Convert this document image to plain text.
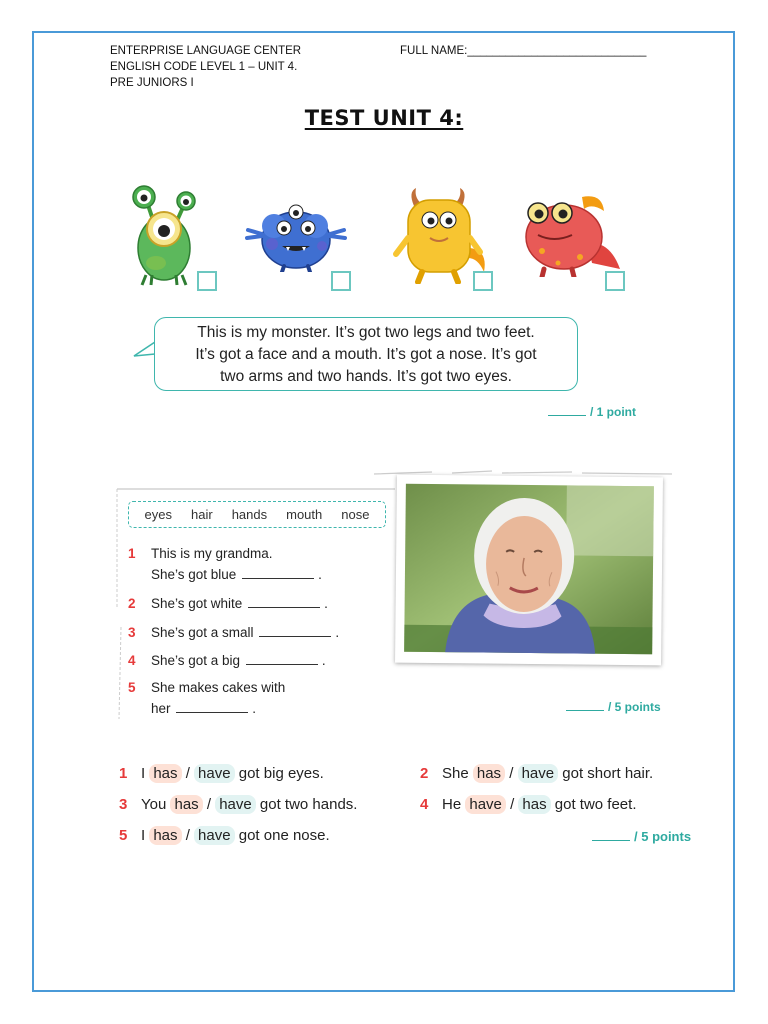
ENTERPRISE LANGUAGE CENTER
ENGLISH CODE LEVEL 1 – UNIT 4.
PRE JUNIORS I
FULL NAME:____________________________
TEST UNIT 4:
This is my monster. It’s got two legs and two feet.
It’s got a face and a mouth. It’s got a nose. It’s got
two arms and two hands. It’s got two eyes.
/ 1 point
eyes hair hands mouth nose
1 This is my grandma.
She’s got blue	.
2 She’s got white	.
3 She’s got a small	.
4 She’s got a big	.
5 She makes cakes with
her	.	/ 5 points
1 I has / have got big eyes.	2 She has / have got short hair.
3 You has / have got two hands.	4 He have / has got two feet.
5 I has / have got one nose.	/ 5 points
